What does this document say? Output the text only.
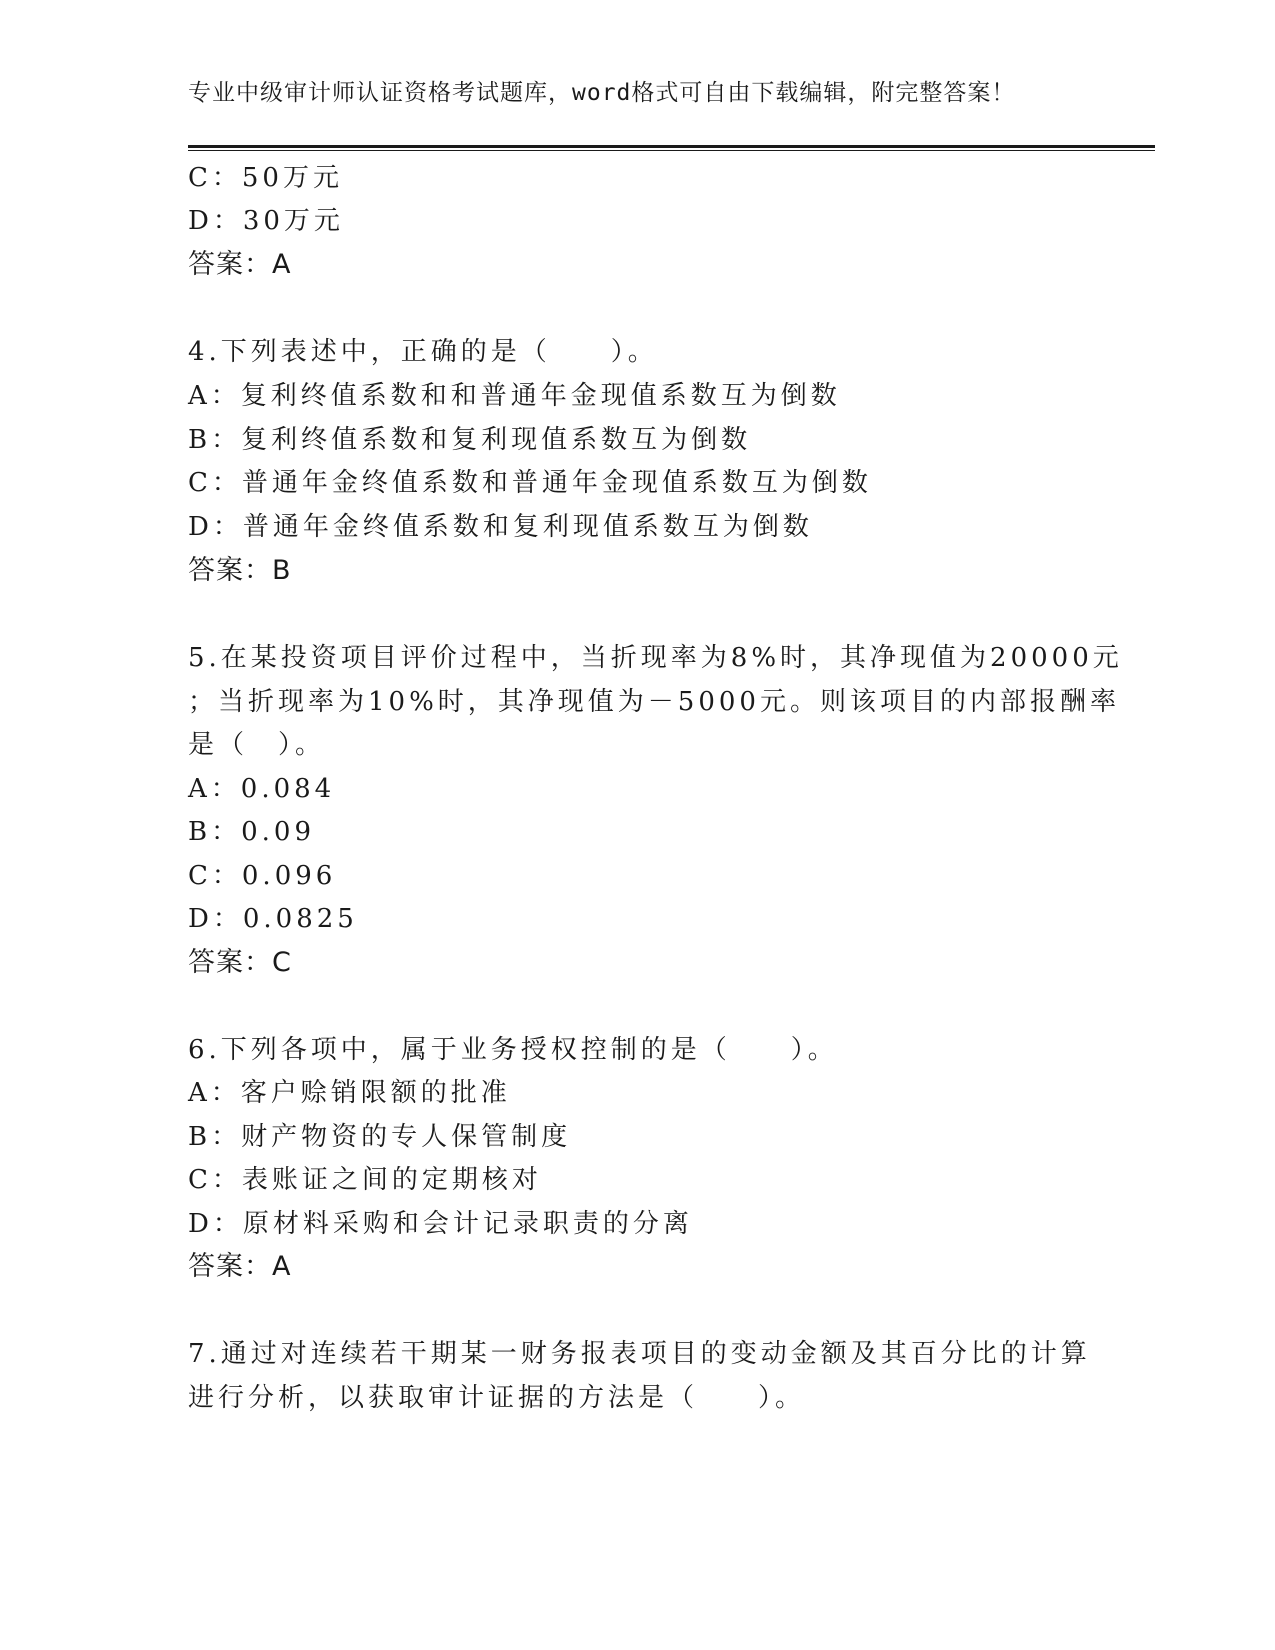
专业中级审计师认证资格考试题库，word格式可自由下载编辑，附完整答案！
C：50万元
D：30万元
答案：A
4.下列表述中，正确的是（　　）。
A：复利终值系数和和普通年金现值系数互为倒数
B：复利终值系数和复利现值系数互为倒数
C：普通年金终值系数和普通年金现值系数互为倒数
D：普通年金终值系数和复利现值系数互为倒数
答案：B
5.在某投资项目评价过程中，当折现率为8%时，其净现值为20000元
；当折现率为10%时，其净现值为－5000元。则该项目的内部报酬率
是（　）。
A：0.084
B：0.09
C：0.096
D：0.0825
答案：C
6.下列各项中，属于业务授权控制的是（　　）。
A：客户赊销限额的批准
B：财产物资的专人保管制度
C：表账证之间的定期核对
D：原材料采购和会计记录职责的分离
答案：A
7.通过对连续若干期某一财务报表项目的变动金额及其百分比的计算
进行分析，以获取审计证据的方法是（　　）。
